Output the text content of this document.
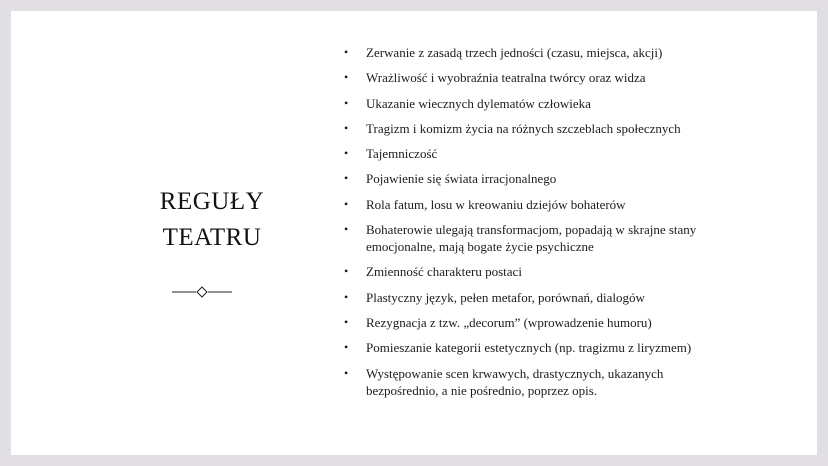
REGUŁY
TEATRU
• Zerwanie z zasadą trzech jedności (czasu, miejsca, akcji)
• Wrażliwość i wyobraźnia teatralna twórcy oraz widza
• Ukazanie wiecznych dylematów człowieka
• Tragizm i komizm życia na różnych szczeblach społecznych
• Tajemniczość
• Pojawienie się świata irracjonalnego
• Rola fatum, losu w kreowaniu dziejów bohaterów
• Bohaterowie ulegają transformacjom, popadają w skrajne stany emocjonalne, mają bogate życie psychiczne
• Zmienność charakteru postaci
• Plastyczny język, pełen metafor, porównań, dialogów
• Rezygnacja z tzw. „decorum” (wprowadzenie humoru)
• Pomieszanie kategorii estetycznych (np. tragizmu z liryzmem)
• Występowanie scen krwawych, drastycznych, ukazanych bezpośrednio, a nie pośrednio, poprzez opis.
